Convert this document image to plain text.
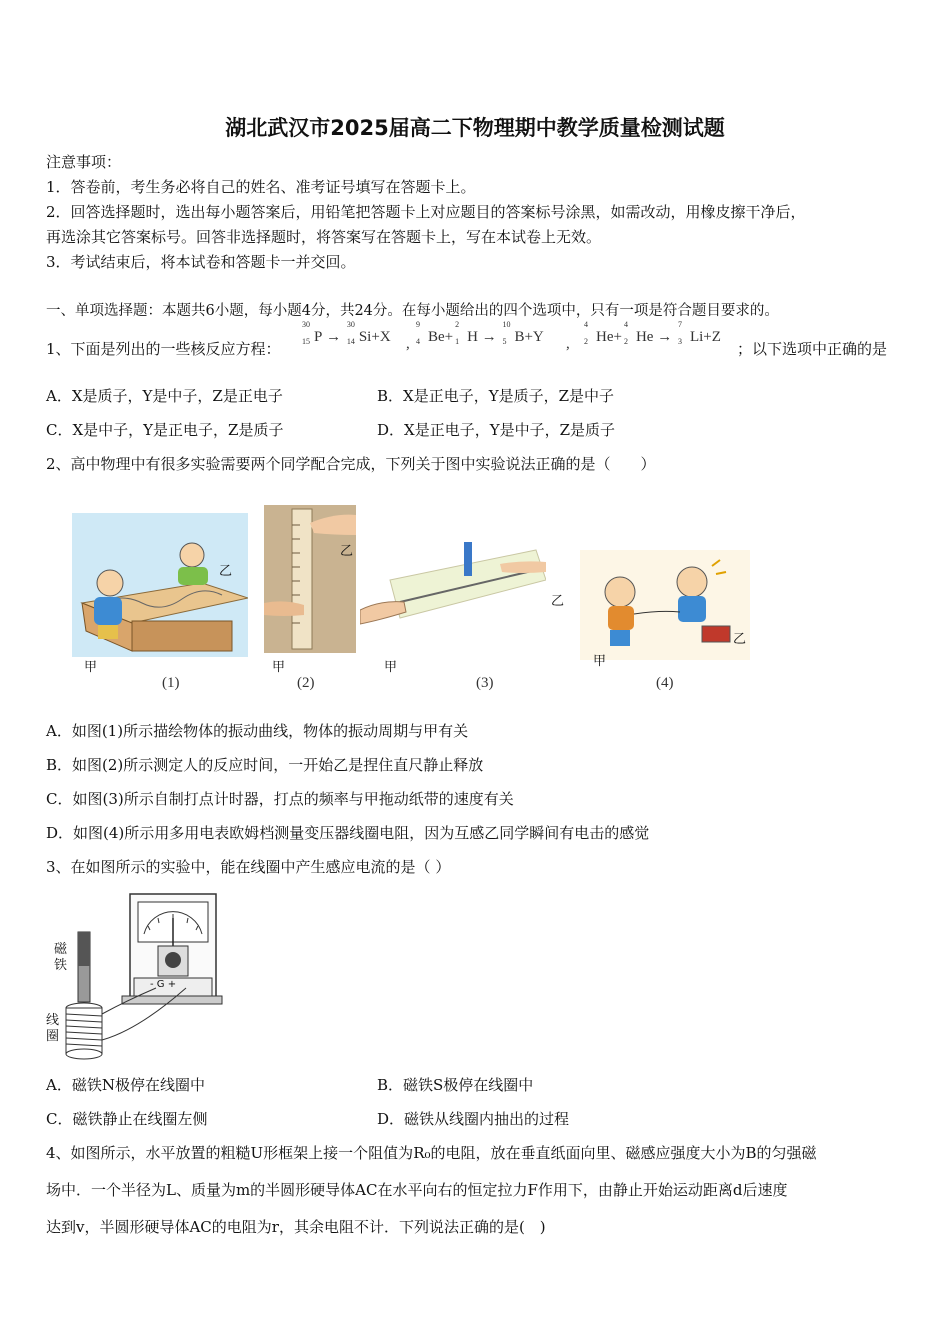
湖北武汉市2025届高二下物理期中教学质量检测试题
注意事项：
1．答卷前，考生务必将自己的姓名、准考证号填写在答题卡上。
2．回答选择题时，选出每小题答案后，用铅笔把答题卡上对应题目的答案标号涂黑，如需改动，用橡皮擦干净后，
再选涂其它答案标号。回答非选择题时，将答案写在答题卡上，写在本试卷上无效。
3．考试结束后，将本试卷和答题卡一并交回。
一、单项选择题：本题共6小题，每小题4分，共24分。在每小题给出的四个选项中，只有一项是符合题目要求的。
1、下面是列出的一些核反应方程：
30
15 P →
30
14 Si+X ,
9
4 Be+
2
1 H →
10
5 B+Y ,
4
2 He+
4
2 He →
7
3 Li+Z
；以下选项中正确的是
A．X是质子，Y是中子，Z是正电子	B．X是正电子，Y是质子，Z是中子
C．X是中子，Y是正电子，Z是质子	D．X是正电子，Y是中子，Z是质子
2、高中物理中有很多实验需要两个同学配合完成，下列关于图中实验说法正确的是（　　）
甲
乙
(1)
甲
乙
(2)
甲
乙
(3)
甲
乙
(4)
A．如图(1)所示描绘物体的振动曲线，物体的振动周期与甲有关
B．如图(2)所示测定人的反应时间，一开始乙是捏住直尺静止释放
C．如图(3)所示自制打点计时器，打点的频率与甲拖动纸带的速度有关
D．如图(4)所示用多用电表欧姆档测量变压器线圈电阻，因为互感乙同学瞬间有电击的感觉
3、在如图所示的实验中，能在线圈中产生感应电流的是（ ）
磁铁
线圈
- G +
A．磁铁N极停在线圈中	B．磁铁S极停在线圈中
C．磁铁静止在线圈左侧	D．磁铁从线圈内抽出的过程
4、如图所示，水平放置的粗糙U形框架上接一个阻值为R₀的电阻，放在垂直纸面向里、磁感应强度大小为B的匀强磁
场中．一个半径为L、质量为m的半圆形硬导体AC在水平向右的恒定拉力F作用下，由静止开始运动距离d后速度
达到v，半圆形硬导体AC的电阻为r，其余电阻不计．下列说法正确的是(　)
